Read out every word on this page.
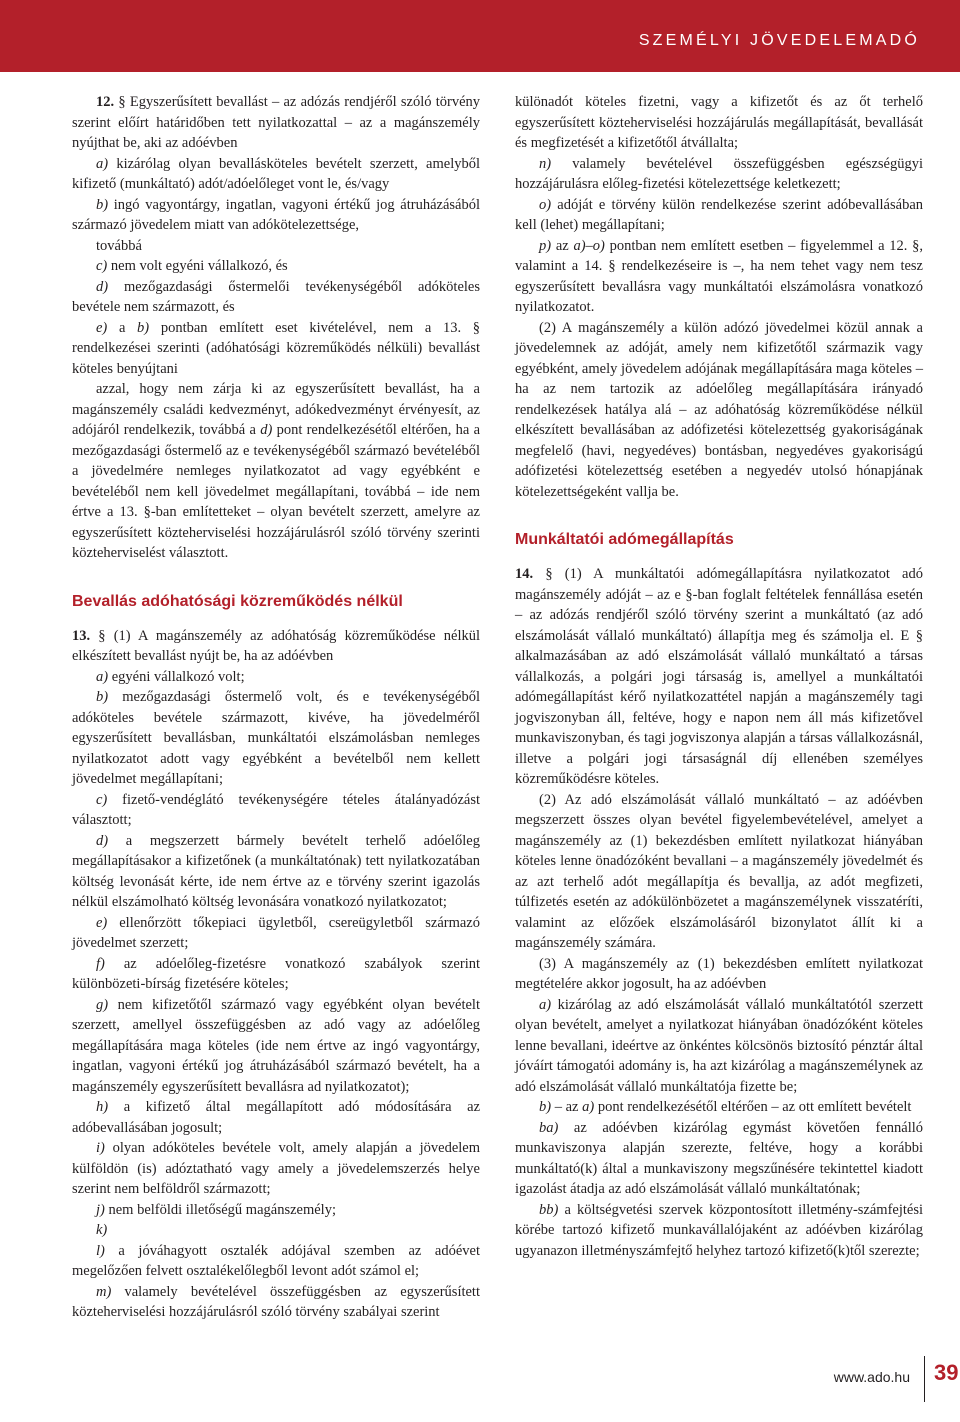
SZEMÉLYI JÖVEDELEMADÓ

12. § Egyszerűsített bevallást – az adózás rendjéről szóló törvény szerint előírt határidőben tett nyilatkozattal – az a magánszemély nyújthat be, aki az adóévben

a) kizárólag olyan bevallásköteles bevételt szerzett, amelyből kifizető (munkáltató) adót/adóelőleget vont le, és/vagy

b) ingó vagyontárgy, ingatlan, vagyoni értékű jog átruházásából származó jövedelem miatt van adókötelezettsége,

továbbá

c) nem volt egyéni vállalkozó, és

d) mezőgazdasági őstermelői tevékenységéből adóköteles bevétele nem származott, és

e) a b) pontban említett eset kivételével, nem a 13. § rendelkezései szerinti (adóhatósági közreműködés nélküli) bevallást köteles benyújtani

azzal, hogy nem zárja ki az egyszerűsített bevallást, ha a magánszemély családi kedvezményt, adókedvezményt érvényesít, az adójáról rendelkezik, továbbá a d) pont rendelkezésétől eltérően, ha a mezőgazdasági őstermelő az e tevékenységéből származó bevételéből a jövedelmére nemleges nyilatkozatot ad vagy egyébként e bevételéből nem kell jövedelmet megállapítani, továbbá – ide nem értve a 13. §-ban említetteket – olyan bevételt szerzett, amelyre az egyszerűsített közteherviselési hozzájárulásról szóló törvény szerinti közteherviselést választott.

Bevallás adóhatósági közreműködés nélkül

13. § (1) A magánszemély az adóhatóság közreműködése nélkül elkészített bevallást nyújt be, ha az adóévben

a) egyéni vállalkozó volt;

b) mezőgazdasági őstermelő volt, és e tevékenységéből adóköteles bevétele származott, kivéve, ha jövedelméről egyszerűsített bevallásban, munkáltatói elszámolásban nemleges nyilatkozatot adott vagy egyébként a bevételből nem kellett jövedelmet megállapítani;

c) fizető-vendéglátó tevékenységére tételes átalányadózást választott;

d) a megszerzett bármely bevételt terhelő adóelőleg megállapításakor a kifizetőnek (a munkáltatónak) tett nyilatkozatában költség levonását kérte, ide nem értve az e törvény szerint igazolás nélkül elszámolható költség levonására vonatkozó nyilatkozatot;

e) ellenőrzött tőkepiaci ügyletből, csereügyletből származó jövedelmet szerzett;

f) az adóelőleg-fizetésre vonatkozó szabályok szerint különbözeti-bírság fizetésére köteles;

g) nem kifizetőtől származó vagy egyébként olyan bevételt szerzett, amellyel összefüggésben az adó vagy az adóelőleg megállapítására maga köteles (ide nem értve az ingó vagyontárgy, ingatlan, vagyoni értékű jog átruházásából származó bevételt, ha a magánszemély egyszerűsített bevallásra ad nyilatkozatot);

h) a kifizető által megállapított adó módosítására az adóbevallásában jogosult;

i) olyan adóköteles bevétele volt, amely alapján a jövedelem külföldön (is) adóztatható vagy amely a jövedelemszerzés helye szerint nem belföldről származott;

j) nem belföldi illetőségű magánszemély;

k)

l) a jóváhagyott osztalék adójával szemben az adóévet megelőzően felvett osztalékelőlegből levont adót számol el;

m) valamely bevételével összefüggésben az egyszerűsített közteherviselési hozzájárulásról szóló törvény szabályai szerint

különadót köteles fizetni, vagy a kifizetőt és az őt terhelő egyszerűsített közteherviselési hozzájárulás megállapítását, bevallását és megfizetését a kifizetőtől átvállalta;

n) valamely bevételével összefüggésben egészségügyi hozzájárulásra előleg-fizetési kötelezettsége keletkezett;

o) adóját e törvény külön rendelkezése szerint adóbevallásában kell (lehet) megállapítani;

p) az a)–o) pontban nem említett esetben – figyelemmel a 12. §, valamint a 14. § rendelkezéseire is –, ha nem tehet vagy nem tesz egyszerűsített bevallásra vagy munkáltatói elszámolásra vonatkozó nyilatkozatot.

(2) A magánszemély a külön adózó jövedelmei közül annak a jövedelemnek az adóját, amely nem kifizetőtől származik vagy egyébként, amely jövedelem adójának megállapítására maga köteles – ha az nem tartozik az adóelőleg megállapítására irányadó rendelkezések hatálya alá – az adóhatóság közreműködése nélkül elkészített bevallásában az adófizetési kötelezettség gyakoriságának megfelelő (havi, negyedéves) bontásban, negyedéves gyakoriságú adófizetési kötelezettség esetében a negyedév utolsó hónapjának kötelezettségeként vallja be.

Munkáltatói adómegállapítás

14. § (1) A munkáltatói adómegállapításra nyilatkozatot adó magánszemély adóját – az e §-ban foglalt feltételek fennállása esetén – az adózás rendjéről szóló törvény szerint a munkáltató (az adó elszámolását vállaló munkáltató) állapítja meg és számolja el. E § alkalmazásában az adó elszámolását vállaló munkáltató a társas vállalkozás, a polgári jogi társaság is, amellyel a munkáltatói adómegállapítást kérő nyilatkozattétel napján a magánszemély tagi jogviszonyban áll, feltéve, hogy e napon nem áll más kifizetővel munkaviszonyban, és tagi jogviszonya alapján a társas vállalkozásnál, illetve a polgári jogi társaságnál díj ellenében személyes közreműködésre köteles.

(2) Az adó elszámolását vállaló munkáltató – az adóévben megszerzett összes olyan bevétel figyelembevételével, amelyet a magánszemély az (1) bekezdésben említett nyilatkozat hiányában köteles lenne önadózóként bevallani – a magánszemély jövedelmét és az azt terhelő adót megállapítja és bevallja, az adót megfizeti, túlfizetés esetén az adókülönbözetet a magánszemélynek visszatéríti, valamint az előzőek elszámolásáról bizonylatot állít ki a magánszemély számára.

(3) A magánszemély az (1) bekezdésben említett nyilatkozat megtételére akkor jogosult, ha az adóévben

a) kizárólag az adó elszámolását vállaló munkáltatótól szerzett olyan bevételt, amelyet a nyilatkozat hiányában önadózóként köteles lenne bevallani, ideértve az önkéntes kölcsönös biztosító pénztár által jóváírt támogatói adomány is, ha azt kizárólag a magánszemélynek az adó elszámolását vállaló munkáltatója fizette be;

b) – az a) pont rendelkezésétől eltérően – az ott említett bevételt

ba) az adóévben kizárólag egymást követően fennálló munkaviszonya alapján szerezte, feltéve, hogy a korábbi munkáltató(k) által a munkaviszony megszűnésére tekintettel kiadott igazolást átadja az adó elszámolását vállaló munkáltatónak;

bb) a költségvetési szervek központosított illetmény-számfejtési körébe tartozó kifizető munkavállalójaként az adóévben kizárólag ugyanazon illetményszámfejtő helyhez tartozó kifizető(k)től szerezte;

www.ado.hu 39
